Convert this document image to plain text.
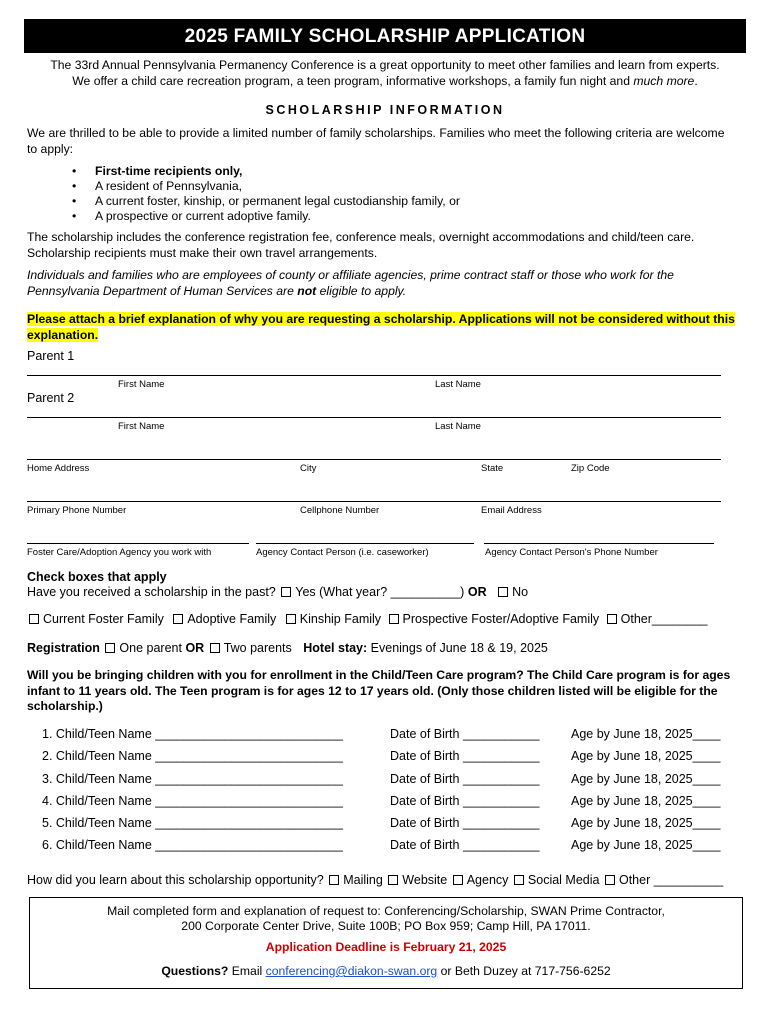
2025 FAMILY SCHOLARSHIP APPLICATION
The 33rd Annual Pennsylvania Permanency Conference is a great opportunity to meet other families and learn from experts.
We offer a child care recreation program, a teen program, informative workshops, a family fun night and much more.
SCHOLARSHIP INFORMATION
We are thrilled to be able to provide a limited number of family scholarships. Families who meet the following criteria are welcome to apply:
• First-time recipients only,
• A resident of Pennsylvania,
• A current foster, kinship, or permanent legal custodianship family, or
• A prospective or current adoptive family.
The scholarship includes the conference registration fee, conference meals, overnight accommodations and child/teen care. Scholarship recipients must make their own travel arrangements.
Individuals and families who are employees of county or affiliate agencies, prime contract staff or those who work for the Pennsylvania Department of Human Services are not eligible to apply.
Please attach a brief explanation of why you are requesting a scholarship. Applications will not be considered without this explanation.
Parent 1
First Name	Last Name
Parent 2
First Name	Last Name
Home Address	City	State	Zip Code
Primary Phone Number	Cellphone Number	Email Address
Foster Care/Adoption Agency you work with	Agency Contact Person (i.e. caseworker)	Agency Contact Person's Phone Number
Check boxes that apply
Have you received a scholarship in the past? Yes (What year? __________) OR No
Current Foster Family Adoptive Family Kinship Family Prospective Foster/Adoptive Family Other________
Registration One parent OR Two parents Hotel stay: Evenings of June 18 & 19, 2025
Will you be bringing children with you for enrollment in the Child/Teen Care program? The Child Care program is for ages infant to 11 years old. The Teen program is for ages 12 to 17 years old. (Only those children listed will be eligible for the scholarship.)
1. Child/Teen Name ___________________________	Date of Birth ___________	Age by June 18, 2025____
2. Child/Teen Name ___________________________	Date of Birth ___________	Age by June 18, 2025____
3. Child/Teen Name ___________________________	Date of Birth ___________	Age by June 18, 2025____
4. Child/Teen Name ___________________________	Date of Birth ___________	Age by June 18, 2025____
5. Child/Teen Name ___________________________	Date of Birth ___________	Age by June 18, 2025____
6. Child/Teen Name ___________________________	Date of Birth ___________	Age by June 18, 2025____
How did you learn about this scholarship opportunity? Mailing Website Agency Social Media Other __________
Mail completed form and explanation of request to: Conferencing/Scholarship, SWAN Prime Contractor,
200 Corporate Center Drive, Suite 100B; PO Box 959; Camp Hill, PA 17011.
Application Deadline is February 21, 2025
Questions? Email conferencing@diakon-swan.org or Beth Duzey at 717-756-6252
